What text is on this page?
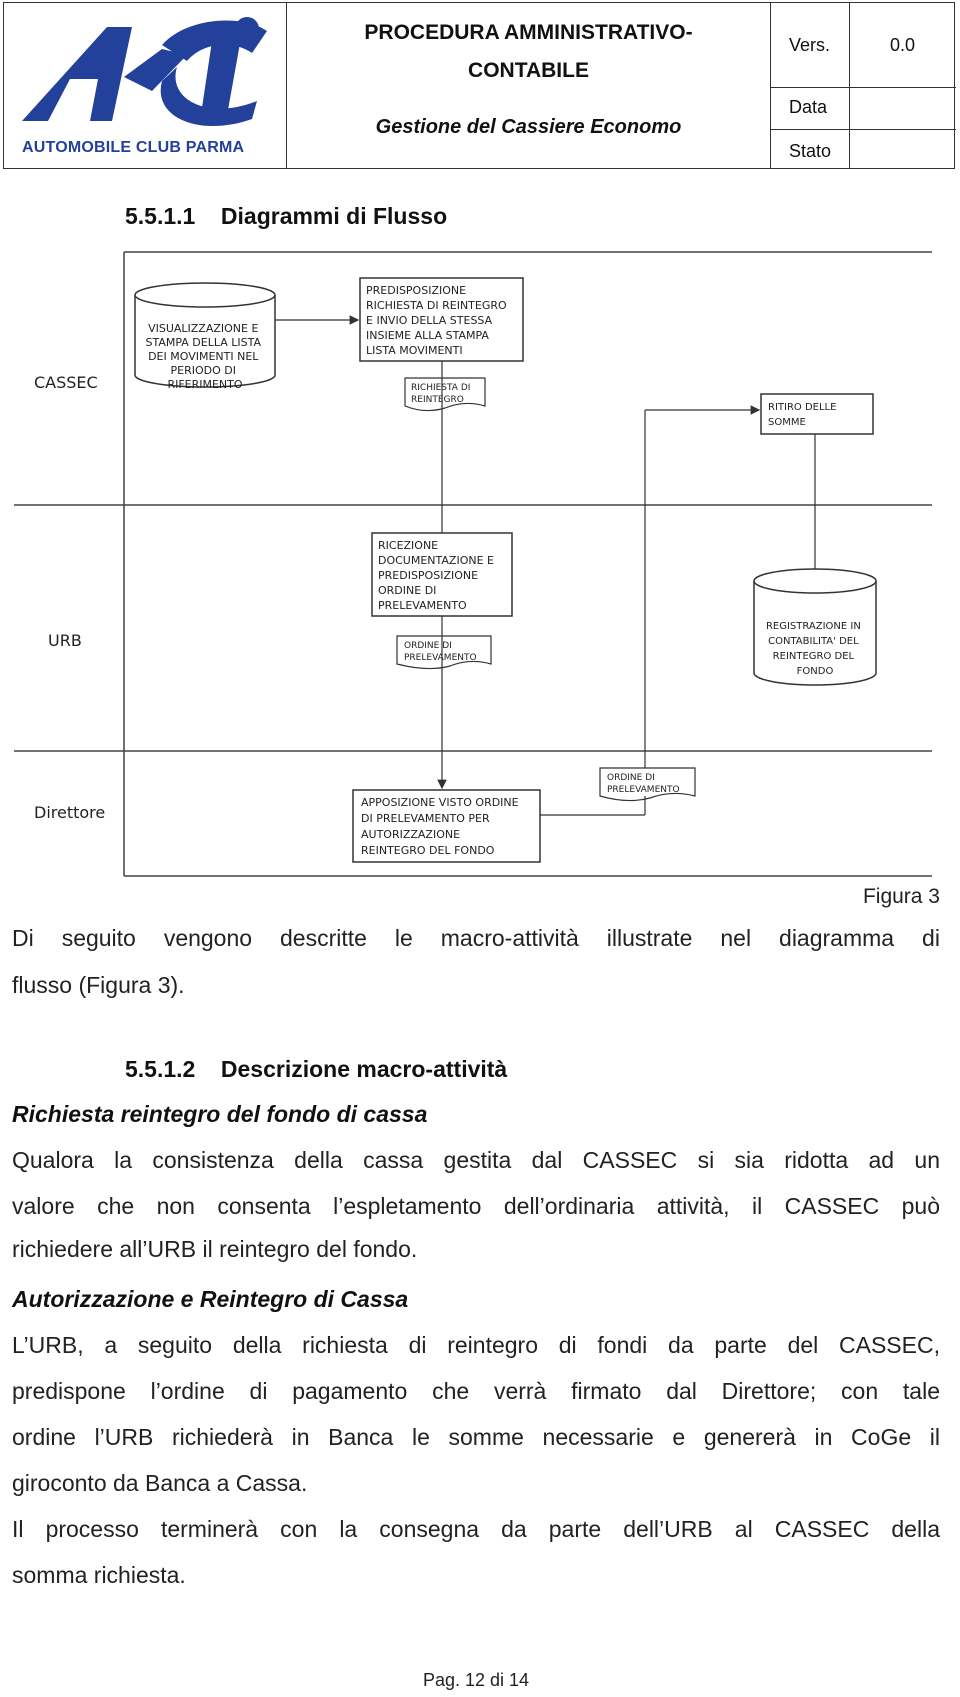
AUTOMOBILE CLUB PARMA
PROCEDURA AMMINISTRATIVO-
CONTABILE
Gestione del Cassiere Economo
Vers.	0.0
Data
Stato
5.5.1.1    Diagrammi di Flusso
CASSEC
URB
Direttore
VISUALIZZAZIONE E STAMPA DELLA LISTA DEI MOVIMENTI NEL PERIODO DI RIFERIMENTO
PREDISPOSIZIONE RICHIESTA DI REINTEGRO E INVIO DELLA STESSA INSIEME ALLA STAMPA LISTA MOVIMENTI
RICHIESTA DI REINTEGRO
RITIRO DELLE SOMME
RICEZIONE DOCUMENTAZIONE E PREDISPOSIZIONE ORDINE DI PRELEVAMENTO
ORDINE DI PRELEVAMENTO
REGISTRAZIONE IN CONTABILITA' DEL REINTEGRO DEL FONDO
ORDINE DI PRELEVAMENTO
APPOSIZIONE VISTO ORDINE DI PRELEVAMENTO PER AUTORIZZAZIONE REINTEGRO DEL FONDO
Figura 3
Di seguito vengono descritte le macro-attività illustrate nel diagramma di
flusso (Figura 3).
5.5.1.2    Descrizione macro-attività
Richiesta reintegro del fondo di cassa
Qualora la consistenza della cassa gestita dal CASSEC si sia ridotta ad un
valore che non consenta l’espletamento dell’ordinaria attività, il CASSEC può
richiedere all’URB il reintegro del fondo.
Autorizzazione e Reintegro di Cassa
L’URB, a seguito della richiesta di reintegro di fondi da parte del CASSEC,
predispone l’ordine di pagamento che verrà firmato dal Direttore; con tale
ordine l’URB richiederà in Banca le somme necessarie e genererà in CoGe il
giroconto da Banca a Cassa.
Il processo terminerà con la consegna da parte dell’URB al CASSEC della
somma richiesta.
Pag. 12 di 14
